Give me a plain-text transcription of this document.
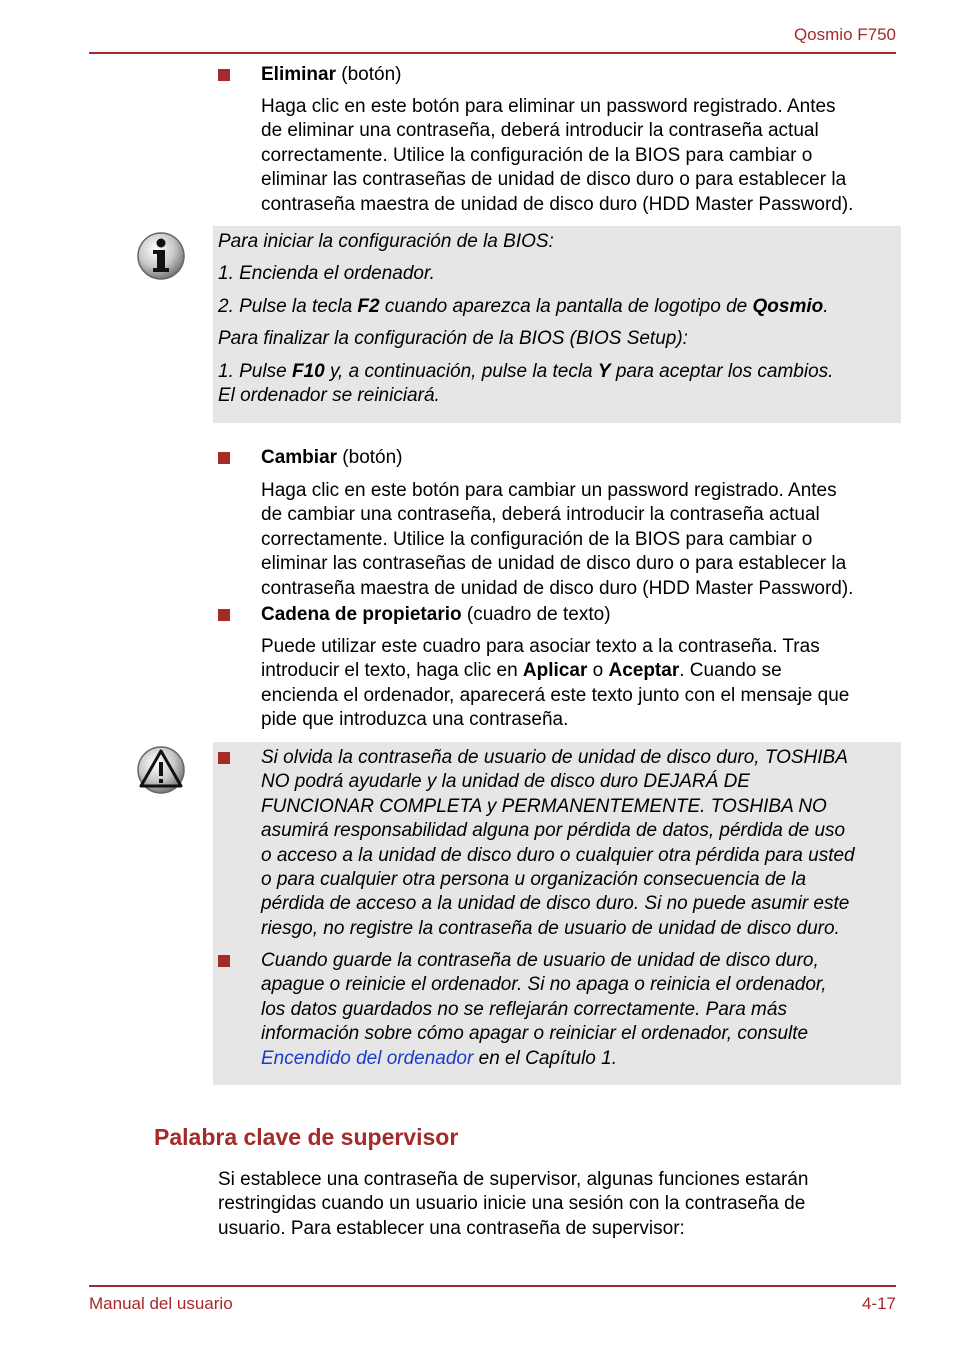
Qosmio F750
Eliminar (botón)
Haga clic en este botón para eliminar un password registrado. Antes
de eliminar una contraseña, deberá introducir la contraseña actual
correctamente. Utilice la configuración de la BIOS para cambiar o
eliminar las contraseñas de unidad de disco duro o para establecer la
contraseña maestra de unidad de disco duro (HDD Master Password).
Para iniciar la configuración de la BIOS:
1. Encienda el ordenador.
2. Pulse la tecla F2 cuando aparezca la pantalla de logotipo de Qosmio.
Para finalizar la configuración de la BIOS (BIOS Setup):
1. Pulse F10 y, a continuación, pulse la tecla Y para aceptar los cambios.
El ordenador se reiniciará.
Cambiar (botón)
Haga clic en este botón para cambiar un password registrado. Antes
de cambiar una contraseña, deberá introducir la contraseña actual
correctamente. Utilice la configuración de la BIOS para cambiar o
eliminar las contraseñas de unidad de disco duro o para establecer la
contraseña maestra de unidad de disco duro (HDD Master Password).
Cadena de propietario (cuadro de texto)
Puede utilizar este cuadro para asociar texto a la contraseña. Tras
introducir el texto, haga clic en Aplicar o Aceptar. Cuando se
encienda el ordenador, aparecerá este texto junto con el mensaje que
pide que introduzca una contraseña.
Si olvida la contraseña de usuario de unidad de disco duro, TOSHIBA
NO podrá ayudarle y la unidad de disco duro DEJARÁ DE
FUNCIONAR COMPLETA y PERMANENTEMENTE. TOSHIBA NO
asumirá responsabilidad alguna por pérdida de datos, pérdida de uso
o acceso a la unidad de disco duro o cualquier otra pérdida para usted
o para cualquier otra persona u organización consecuencia de la
pérdida de acceso a la unidad de disco duro. Si no puede asumir este
riesgo, no registre la contraseña de usuario de unidad de disco duro.
Cuando guarde la contraseña de usuario de unidad de disco duro,
apague o reinicie el ordenador. Si no apaga o reinicia el ordenador,
los datos guardados no se reflejarán correctamente. Para más
información sobre cómo apagar o reiniciar el ordenador, consulte
Encendido del ordenador en el Capítulo 1.
Palabra clave de supervisor
Si establece una contraseña de supervisor, algunas funciones estarán
restringidas cuando un usuario inicie una sesión con la contraseña de
usuario. Para establecer una contraseña de supervisor:
Manual del usuario	4-17
